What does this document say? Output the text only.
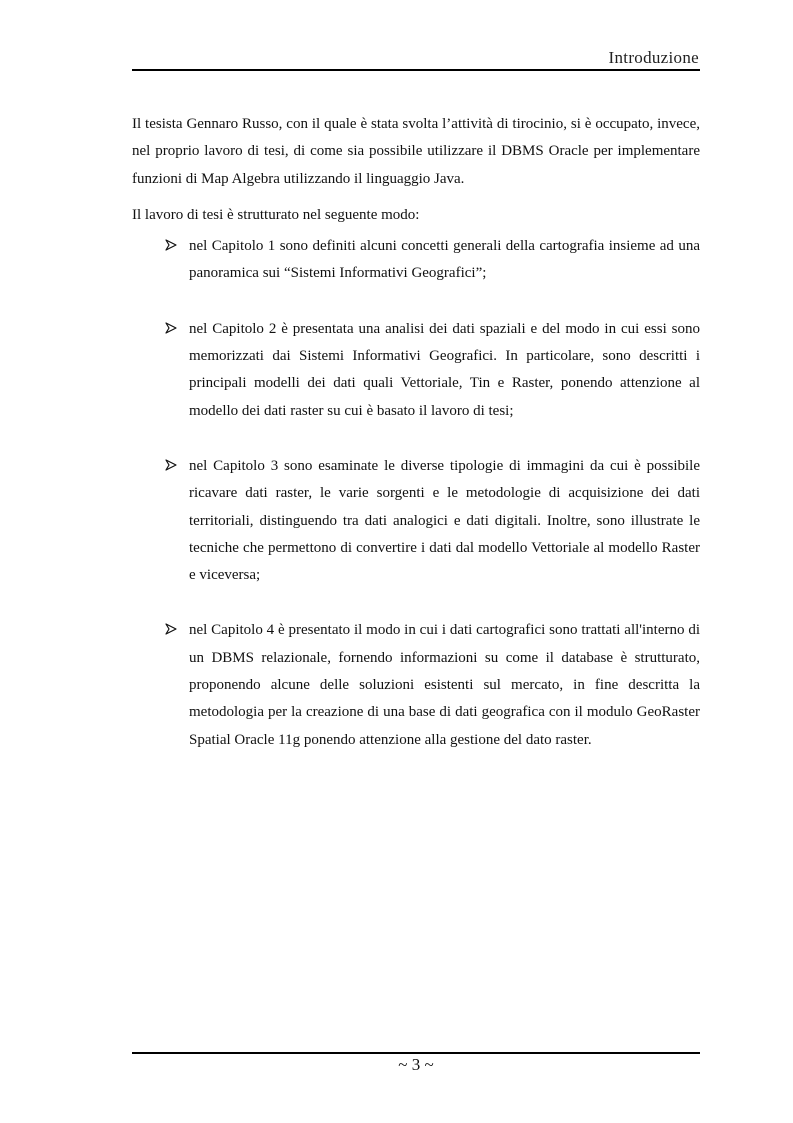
Introduzione

Il tesista Gennaro Russo, con il quale è stata svolta l’attività di tirocinio, si è occupato, invece, nel proprio lavoro di tesi, di come sia possibile utilizzare il DBMS Oracle per implementare funzioni di Map Algebra utilizzando il linguaggio Java.

Il lavoro di tesi è strutturato nel seguente modo:

nel Capitolo 1 sono definiti alcuni concetti generali della cartografia insieme ad una panoramica sui “Sistemi Informativi Geografici”;
nel Capitolo 2 è presentata una analisi dei dati spaziali e del modo in cui essi sono memorizzati dai Sistemi Informativi Geografici. In particolare, sono descritti i principali modelli dei dati quali Vettoriale, Tin e Raster, ponendo attenzione al modello dei dati raster su cui è basato il lavoro di tesi;
nel Capitolo 3 sono esaminate le diverse tipologie di immagini da cui è possibile ricavare dati raster, le varie sorgenti e le metodologie di acquisizione dei dati territoriali, distinguendo tra dati analogici e dati digitali. Inoltre, sono illustrate le tecniche che permettono di convertire i dati dal modello Vettoriale al modello Raster e viceversa;
nel Capitolo 4 è presentato il modo in cui i dati cartografici sono trattati all'interno di un DBMS relazionale, fornendo informazioni su come il database è strutturato, proponendo alcune delle soluzioni esistenti sul mercato, in fine descritta la metodologia per la creazione di una base di dati geografica con il modulo GeoRaster Spatial Oracle 11g ponendo attenzione alla gestione del dato raster.
~ 3 ~
